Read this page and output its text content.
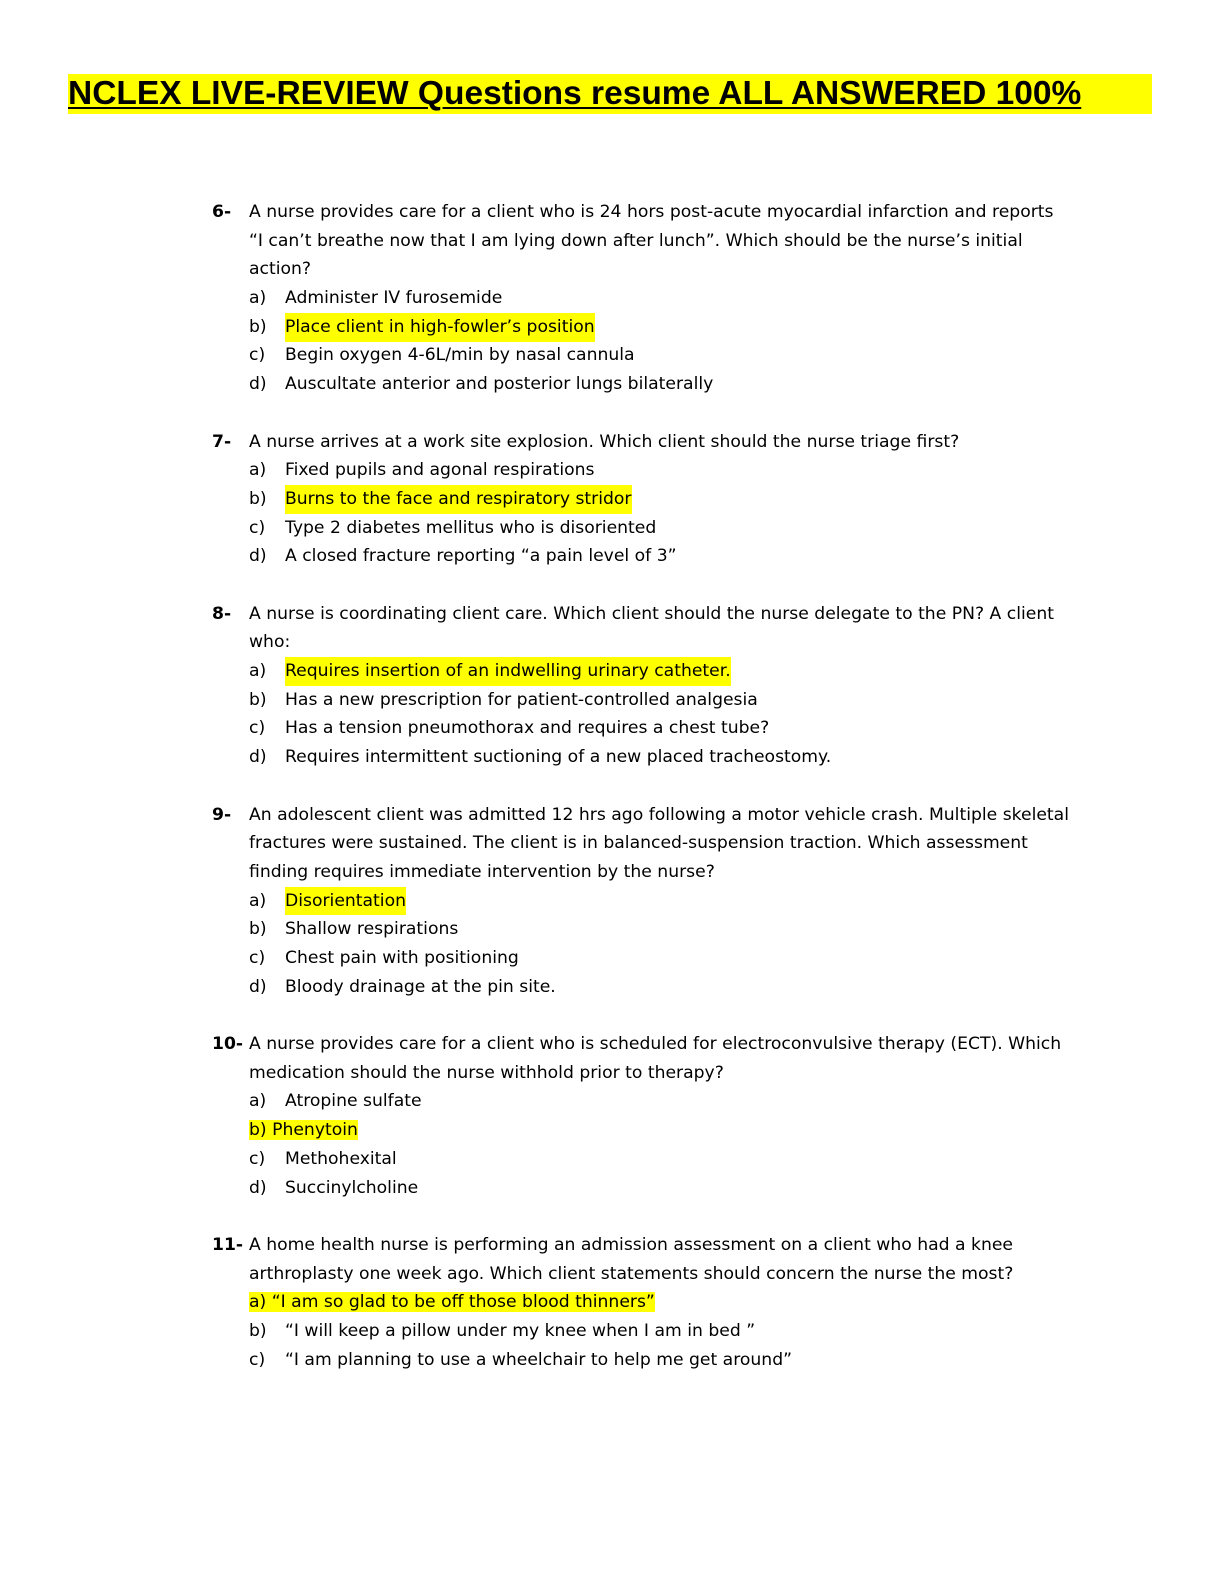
NCLEX LIVE-REVIEW Questions resume ALL ANSWERED 100%
6- A nurse provides care for a client who is 24 hors post-acute myocardial infarction and reports “I can’t breathe now that I am lying down after lunch”. Which should be the nurse’s initial action?
a) Administer IV furosemide
b) Place client in high-fowler’s position
c) Begin oxygen 4-6L/min by nasal cannula
d) Auscultate anterior and posterior lungs bilaterally
7- A nurse arrives at a work site explosion. Which client should the nurse triage first?
a) Fixed pupils and agonal respirations
b) Burns to the face and respiratory stridor
c) Type 2 diabetes mellitus who is disoriented
d) A closed fracture reporting “a pain level of 3”
8- A nurse is coordinating client care. Which client should the nurse delegate to the PN? A client who:
a) Requires insertion of an indwelling urinary catheter.
b) Has a new prescription for patient-controlled analgesia
c) Has a tension pneumothorax and requires a chest tube?
d) Requires intermittent suctioning of a new placed tracheostomy.
9- An adolescent client was admitted 12 hrs ago following a motor vehicle crash. Multiple skeletal fractures were sustained. The client is in balanced-suspension traction. Which assessment finding requires immediate intervention by the nurse?
a) Disorientation
b) Shallow respirations
c) Chest pain with positioning
d) Bloody drainage at the pin site.
10- A nurse provides care for a client who is scheduled for electroconvulsive therapy (ECT). Which medication should the nurse withhold prior to therapy?
a) Atropine sulfate
b) Phenytoin
c) Methohexital
d) Succinylcholine
11- A home health nurse is performing an admission assessment on a client who had a knee arthroplasty one week ago. Which client statements should concern the nurse the most?
a) “I am so glad to be off those blood thinners”
b) “I will keep a pillow under my knee when I am in bed ”
c) “I am planning to use a wheelchair to help me get around”
